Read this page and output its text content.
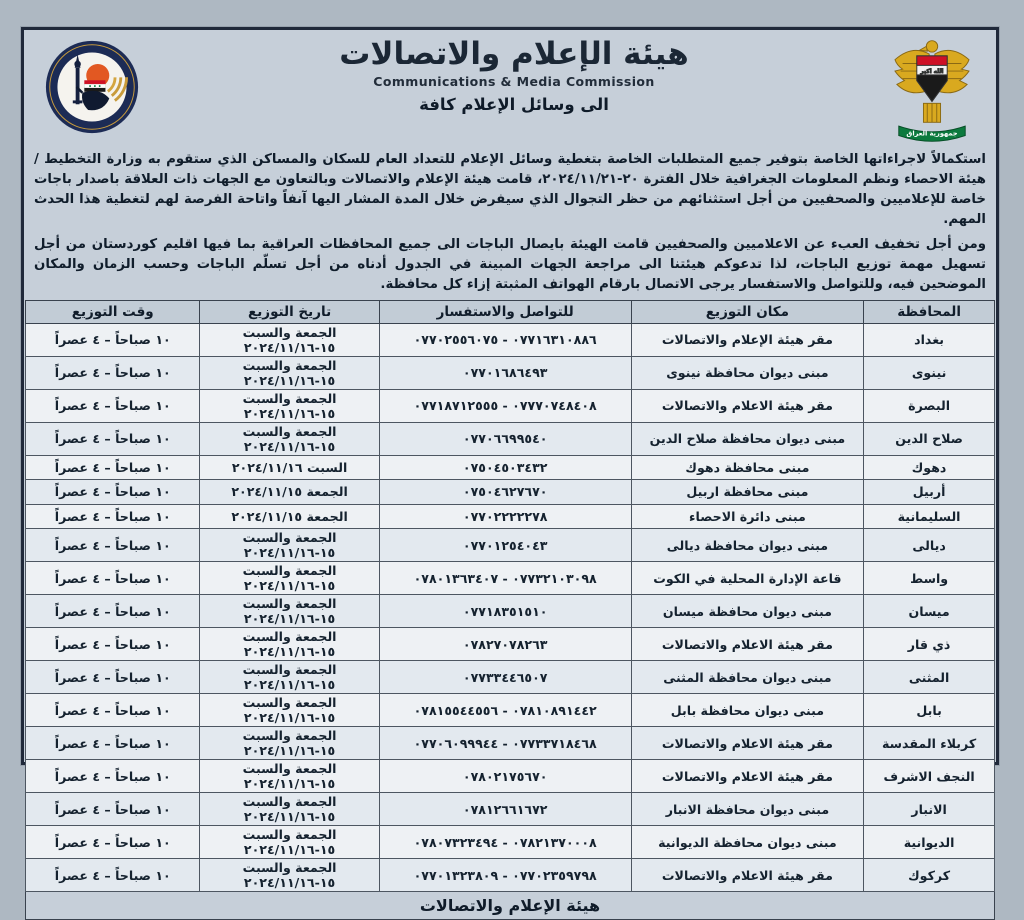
هيئة الإعلام والاتصالات
Communications & Media Commission
الى وسائل الإعلام كافة
الله اكبر
جمهورية العراق

استكمالاً لاجراءاتها الخاصة بتوفير جميع المتطلبات الخاصة بتغطية وسائل الإعلام للتعداد العام للسكان والمساكن الذي ستقوم به وزارة التخطيط / هيئة الاحصاء ونظم المعلومات الجغرافية خلال الفترة ٢٠-٢٠٢٤/١١/٢١، قامت هيئة الإعلام والاتصالات وبالتعاون مع الجهات ذات العلاقة باصدار باجات خاصة للإعلاميين والصحفيين من أجل استثنائهم من حظر التجوال الذي سيفرض خلال المدة المشار اليها آنفاً واتاحة الفرصة لهم لتغطية هذا الحدث المهم.

ومن أجل تخفيف العبء عن الاعلاميين والصحفيين قامت الهيئة بايصال الباجات الى جميع المحافظات العراقية بما فيها اقليم كوردستان من أجل تسهيل مهمة توزيع الباجات، لذا تدعوكم هيئتنا الى مراجعة الجهات المبينة في الجدول أدناه من أجل تسلّم الباجات وحسب الزمان والمكان الموضحين فيه، وللتواصل والاستفسار يرجى الاتصال بارقام الهواتف المثبتة إزاء كل محافظة.

المحافظة	مكان التوزيع	للتواصل والاستفسار	تاريخ التوزيع	وقت التوزيع
بغداد	مقر هيئة الإعلام والاتصالات	٠٧٧١٦٣١٠٨٨٦ - ٠٧٧٠٢٥٥٦٠٧٥	الجمعة والسبت ١٥-٢٠٢٤/١١/١٦	١٠ صباحاً – ٤ عصراً
نينوى	مبنى ديوان محافظة نينوى	٠٧٧٠١٦٨٦٤٩٣	الجمعة والسبت ١٥-٢٠٢٤/١١/١٦	١٠ صباحاً – ٤ عصراً
البصرة	مقر هيئة الاعلام والاتصالات	٠٧٧٧٠٧٤٨٤٠٨ - ٠٧٧١٨٧١٢٥٥٥	الجمعة والسبت ١٥-٢٠٢٤/١١/١٦	١٠ صباحاً – ٤ عصراً
صلاح الدين	مبنى ديوان محافظة صلاح الدين	٠٧٧٠٦٦٩٩٥٤٠	الجمعة والسبت ١٥-٢٠٢٤/١١/١٦	١٠ صباحاً – ٤ عصراً
دهوك	مبنى محافظة دهوك	٠٧٥٠٤٥٠٣٤٣٢	السبت ٢٠٢٤/١١/١٦	١٠ صباحاً – ٤ عصراً
أربيل	مبنى محافظة اربيل	٠٧٥٠٤٦٢٧٦٧٠	الجمعة ٢٠٢٤/١١/١٥	١٠ صباحاً – ٤ عصراً
السليمانية	مبنى دائرة الاحصاء	٠٧٧٠٢٢٢٢٢٧٨	الجمعة ٢٠٢٤/١١/١٥	١٠ صباحاً – ٤ عصراً
ديالى	مبنى ديوان محافظة ديالى	٠٧٧٠١٢٥٤٠٤٣	الجمعة والسبت ١٥-٢٠٢٤/١١/١٦	١٠ صباحاً – ٤ عصراً
واسط	قاعة الإدارة المحلية في الكوت	٠٧٧٣٢١٠٣٠٩٨ - ٠٧٨٠١٣٦٣٤٠٧	الجمعة والسبت ١٥-٢٠٢٤/١١/١٦	١٠ صباحاً – ٤ عصراً
ميسان	مبنى ديوان محافظة ميسان	٠٧٧١٨٣٥١٥١٠	الجمعة والسبت ١٥-٢٠٢٤/١١/١٦	١٠ صباحاً – ٤ عصراً
ذي قار	مقر هيئة الاعلام والاتصالات	٠٧٨٢٧٠٧٨٢٦٣	الجمعة والسبت ١٥-٢٠٢٤/١١/١٦	١٠ صباحاً – ٤ عصراً
المثنى	مبنى ديوان محافظة المثنى	٠٧٧٣٣٤٤٦٥٠٧	الجمعة والسبت ١٥-٢٠٢٤/١١/١٦	١٠ صباحاً – ٤ عصراً
بابل	مبنى ديوان محافظة بابل	٠٧٨١٠٨٩١٤٤٢ - ٠٧٨١٥٥٤٤٥٥٦	الجمعة والسبت ١٥-٢٠٢٤/١١/١٦	١٠ صباحاً – ٤ عصراً
كربلاء المقدسة	مقر هيئة الاعلام والاتصالات	٠٧٧٣٣٧١٨٤٦٨ - ٠٧٧٠٦٠٩٩٩٤٤	الجمعة والسبت ١٥-٢٠٢٤/١١/١٦	١٠ صباحاً – ٤ عصراً
النجف الاشرف	مقر هيئة الاعلام والاتصالات	٠٧٨٠٢١٧٥٦٧٠	الجمعة والسبت ١٥-٢٠٢٤/١١/١٦	١٠ صباحاً – ٤ عصراً
الانبار	مبنى ديوان محافظة الانبار	٠٧٨١٢٦٦١٦٧٢	الجمعة والسبت ١٥-٢٠٢٤/١١/١٦	١٠ صباحاً – ٤ عصراً
الديوانية	مبنى ديوان محافظة الديوانية	٠٧٨٢١٣٧٠٠٠٨ - ٠٧٨٠٧٣٢٣٤٩٤	الجمعة والسبت ١٥-٢٠٢٤/١١/١٦	١٠ صباحاً – ٤ عصراً
كركوك	مقر هيئة الاعلام والاتصالات	٠٧٧٠٢٣٥٩٧٩٨ - ٠٧٧٠١٣٢٣٨٠٩	الجمعة والسبت ١٥-٢٠٢٤/١١/١٦	١٠ صباحاً – ٤ عصراً
هيئة الإعلام والاتصالات				
